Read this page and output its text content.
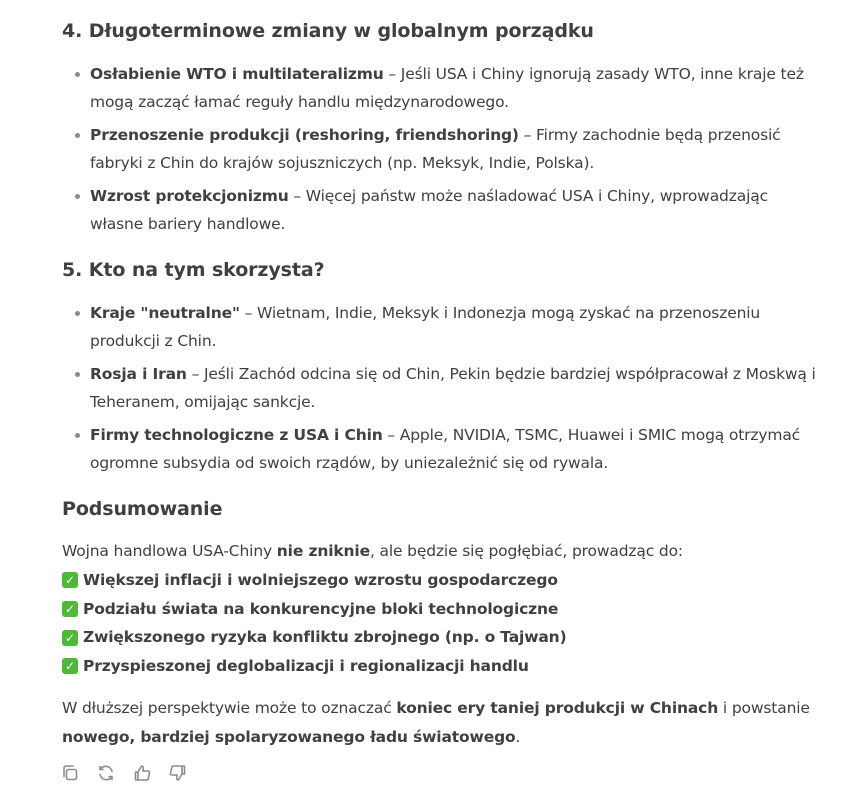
4. Długoterminowe zmiany w globalnym porządku
Osłabienie WTO i multilateralizmu – Jeśli USA i Chiny ignorują zasady WTO, inne kraje też mogą zacząć łamać reguły handlu międzynarodowego.
Przenoszenie produkcji (reshoring, friendshoring) – Firmy zachodnie będą przenosić fabryki z Chin do krajów sojuszniczych (np. Meksyk, Indie, Polska).
Wzrost protekcjonizmu – Więcej państw może naśladować USA i Chiny, wprowadzając własne bariery handlowe.
5. Kto na tym skorzysta?
Kraje "neutralne" – Wietnam, Indie, Meksyk i Indonezja mogą zyskać na przenoszeniu produkcji z Chin.
Rosja i Iran – Jeśli Zachód odcina się od Chin, Pekin będzie bardziej współpracował z Moskwą i Teheranem, omijając sankcje.
Firmy technologiczne z USA i Chin – Apple, NVIDIA, TSMC, Huawei i SMIC mogą otrzymać ogromne subsydia od swoich rządów, by uniezależnić się od rywala.
Podsumowanie
Wojna handlowa USA-Chiny nie zniknie, ale będzie się pogłębiać, prowadząc do:
✓ Większej inflacji i wolniejszego wzrostu gospodarczego
✓ Podziału świata na konkurencyjne bloki technologiczne
✓ Zwiększonego ryzyka konfliktu zbrojnego (np. o Tajwan)
✓ Przyspieszonej deglobalizacji i regionalizacji handlu
W dłuższej perspektywie może to oznaczać koniec ery taniej produkcji w Chinach i powstanie nowego, bardziej spolaryzowanego ładu światowego.
